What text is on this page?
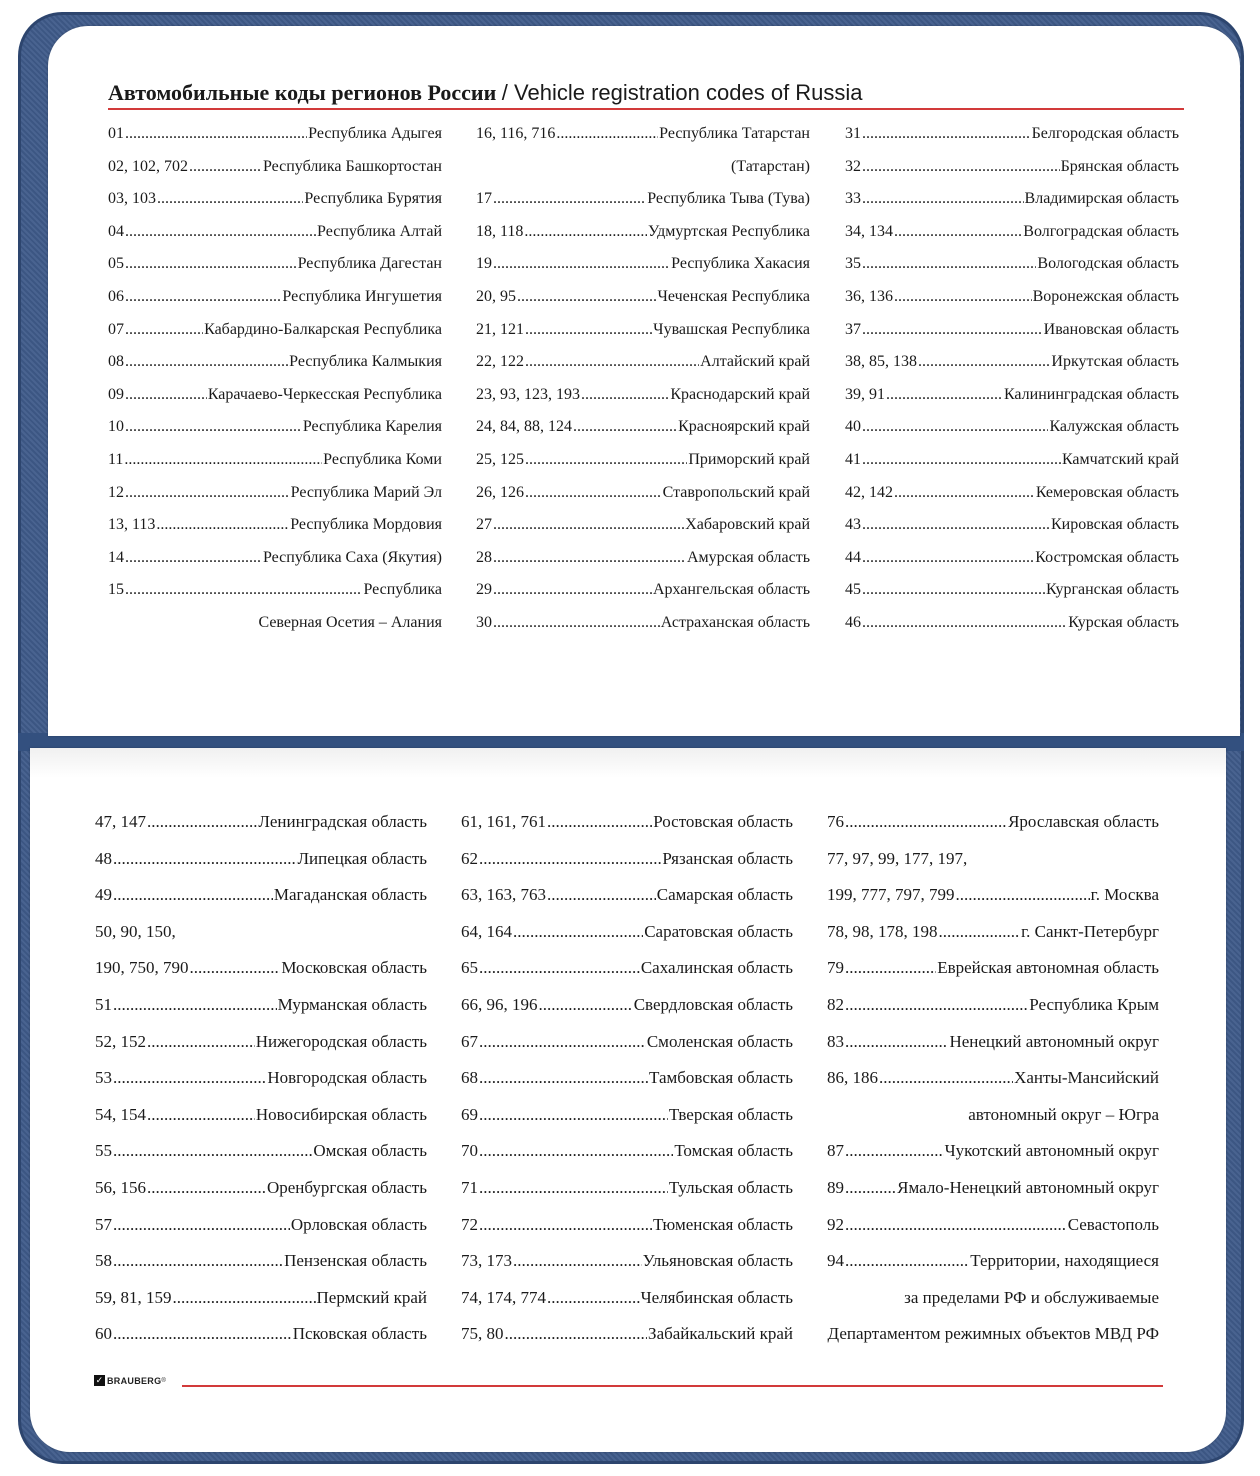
Автомобильные коды регионов России / Vehicle registration codes of Russia
01 .....	Республика Адыгея
02, 102, 702 .....	Республика Башкортостан
03, 103 .....	Республика Бурятия
04 .....	Республика Алтай
05 .....	Республика Дагестан
06 .....	Республика Ингушетия
07 .....	Кабардино-Балкарская Республика
08 .....	Республика Калмыкия
09 .....	Карачаево-Черкесская Республика
10 .....	Республика Карелия
11 .....	Республика Коми
12 .....	Республика Марий Эл
13, 113 .....	Республика Мордовия
14 .....	Республика Саха (Якутия)
15 .....	Республика
Северная Осетия – Алания
16, 116, 716 .....	Республика Татарстан
(Татарстан)
17 .....	Республика Тыва (Тува)
18, 118 .....	Удмуртская Республика
19 .....	Республика Хакасия
20, 95 .....	Чеченская Республика
21, 121 .....	Чувашская Республика
22, 122 .....	Алтайский край
23, 93, 123, 193 .....	Краснодарский край
24, 84, 88, 124 .....	Красноярский край
25, 125 .....	Приморский край
26, 126 .....	Ставропольский край
27 .....	Хабаровский край
28 .....	Амурская область
29 .....	Архангельская область
30 .....	Астраханская область
31 .....	Белгородская область
32 .....	Брянская область
33 .....	Владимирская область
34, 134 .....	Волгоградская область
35 .....	Вологодская область
36, 136 .....	Воронежская область
37 .....	Ивановская область
38, 85, 138 .....	Иркутская область
39, 91 .....	Калининградская область
40 .....	Калужская область
41 .....	Камчатский край
42, 142 .....	Кемеровская область
43 .....	Кировская область
44 .....	Костромская область
45 .....	Курганская область
46 .....	Курская область
47, 147 .....	Ленинградская область
48 .....	Липецкая область
49 .....	Магаданская область
50, 90, 150,
190, 750, 790 .....	Московская область
51 .....	Мурманская область
52, 152 .....	Нижегородская область
53 .....	Новгородская область
54, 154 .....	Новосибирская область
55 .....	Омская область
56, 156 .....	Оренбургская область
57 .....	Орловская область
58 .....	Пензенская область
59, 81, 159 .....	Пермский край
60 .....	Псковская область
61, 161, 761 .....	Ростовская область
62 .....	Рязанская область
63, 163, 763 .....	Самарская область
64, 164 .....	Саратовская область
65 .....	Сахалинская область
66, 96, 196 .....	Свердловская область
67 .....	Смоленская область
68 .....	Тамбовская область
69 .....	Тверская область
70 .....	Томская область
71 .....	Тульская область
72 .....	Тюменская область
73, 173 .....	Ульяновская область
74, 174, 774 .....	Челябинская область
75, 80 .....	Забайкальский край
76 .....	Ярославская область
77, 97, 99, 177, 197,
199, 777, 797, 799 .....	г. Москва
78, 98, 178, 198 .....	г. Санкт-Петербург
79 .....	Еврейская автономная область
82 .....	Республика Крым
83 .....	Ненецкий автономный округ
86, 186 .....	Ханты-Мансийский
автономный округ – Югра
87 .....	Чукотский автономный округ
89 .....	Ямало-Ненецкий автономный округ
92 .....	Севастополь
94 .....	Территории, находящиеся
за пределами РФ и обслуживаемые
Департаментом режимных объектов МВД РФ
✓ BRAUBERG ®
